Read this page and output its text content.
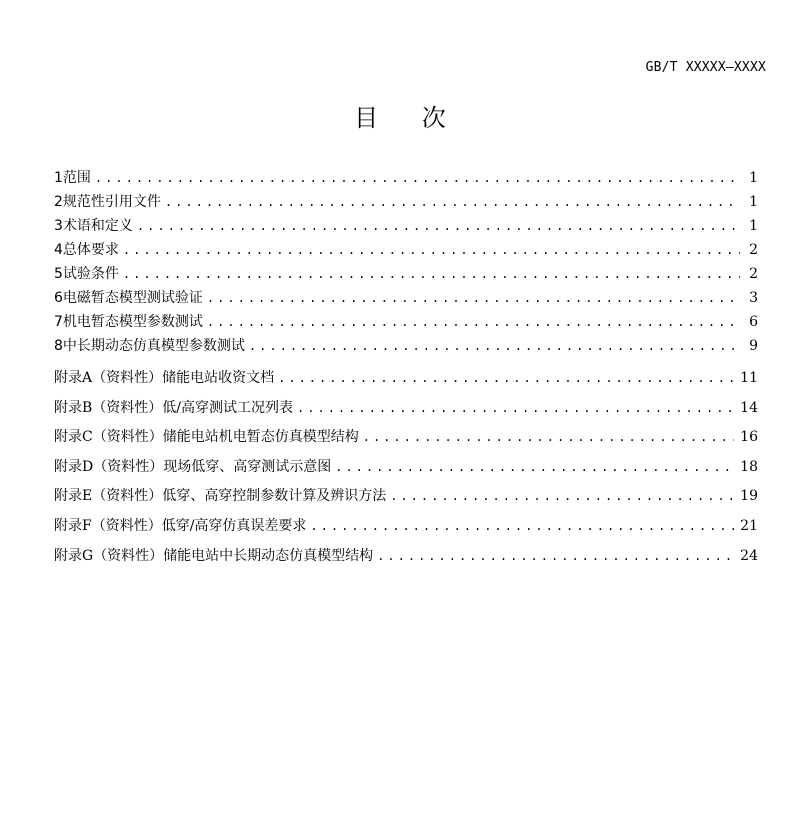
GB/T XXXXX—XXXX
目 次
1 范围 .....	1
2 规范性引用文件 .....	1
3 术语和定义 .....	1
4 总体要求 .....	2
5 试验条件 .....	2
6 电磁暂态模型测试验证 .....	3
7 机电暂态模型参数测试 .....	6
8 中长期动态仿真模型参数测试 .....	9
附录A （资料性） 储能电站收资文档 .....	11
附录B （资料性） 低/高穿测试工况列表 .....	14
附录C （资料性） 储能电站机电暂态仿真模型结构 .....	16
附录D （资料性） 现场低穿、高穿测试示意图 .....	18
附录E （资料性） 低穿、高穿控制参数计算及辨识方法 .....	19
附录F （资料性） 低穿/高穿仿真误差要求 .....	21
附录G （资料性） 储能电站中长期动态仿真模型结构 .....	24
